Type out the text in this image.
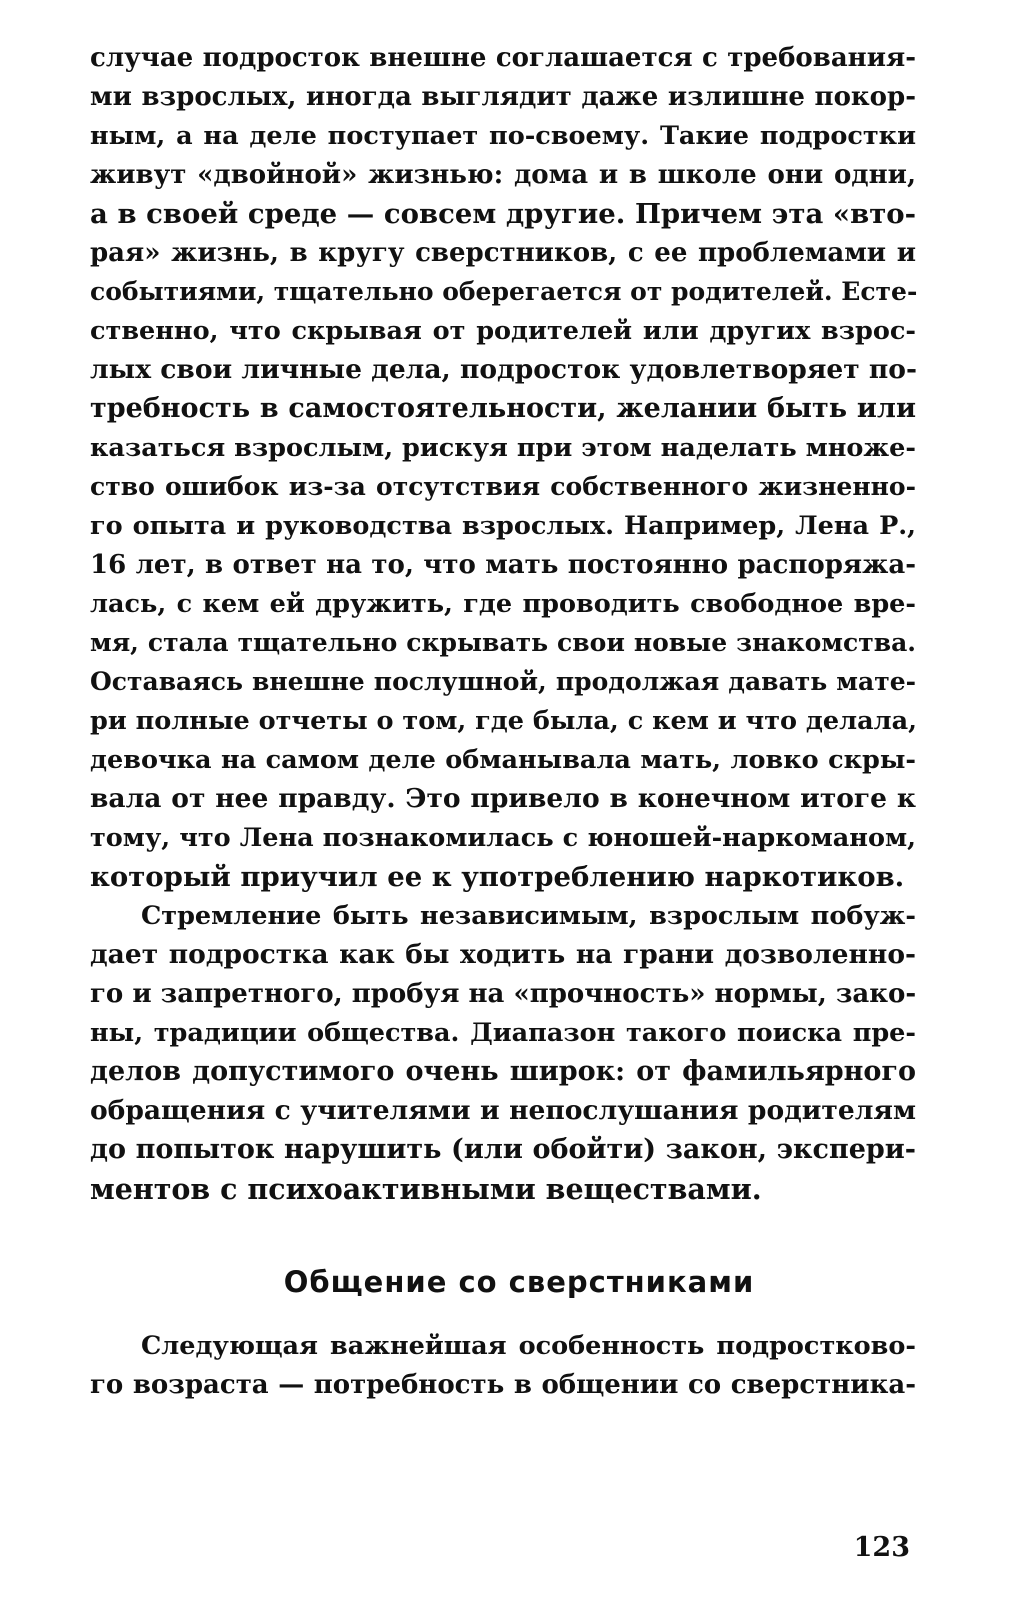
случае подросток внешне соглашается с требования-
ми взрослых, иногда выглядит даже излишне покор-
ным, а на деле поступает по-своему. Такие подростки
живут «двойной» жизнью: дома и в школе они одни,
а в своей среде — совсем другие. Причем эта «вто-
рая» жизнь, в кругу сверстников, с ее проблемами и
событиями, тщательно оберегается от родителей. Есте-
ственно, что скрывая от родителей или других взрос-
лых свои личные дела, подросток удовлетворяет по-
требность в самостоятельности, желании быть или
казаться взрослым, рискуя при этом наделать множе-
ство ошибок из-за отсутствия собственного жизненно-
го опыта и руководства взрослых. Например, Лена Р.,
16 лет, в ответ на то, что мать постоянно распоряжа-
лась, с кем ей дружить, где проводить свободное вре-
мя, стала тщательно скрывать свои новые знакомства.
Оставаясь внешне послушной, продолжая давать мате-
ри полные отчеты о том, где была, с кем и что делала,
девочка на самом деле обманывала мать, ловко скры-
вала от нее правду. Это привело в конечном итоге к
тому, что Лена познакомилась с юношей-наркоманом,
который приучил ее к употреблению наркотиков.
Стремление быть независимым, взрослым побуж-
дает подростка как бы ходить на грани дозволенно-
го и запретного, пробуя на «прочность» нормы, зако-
ны, традиции общества. Диапазон такого поиска пре-
делов допустимого очень широк: от фамильярного
обращения с учителями и непослушания родителям
до попыток нарушить (или обойти) закон, экспери-
ментов с психоактивными веществами.
Общение со сверстниками
Следующая важнейшая особенность подростково-
го возраста — потребность в общении со сверстника-
123
